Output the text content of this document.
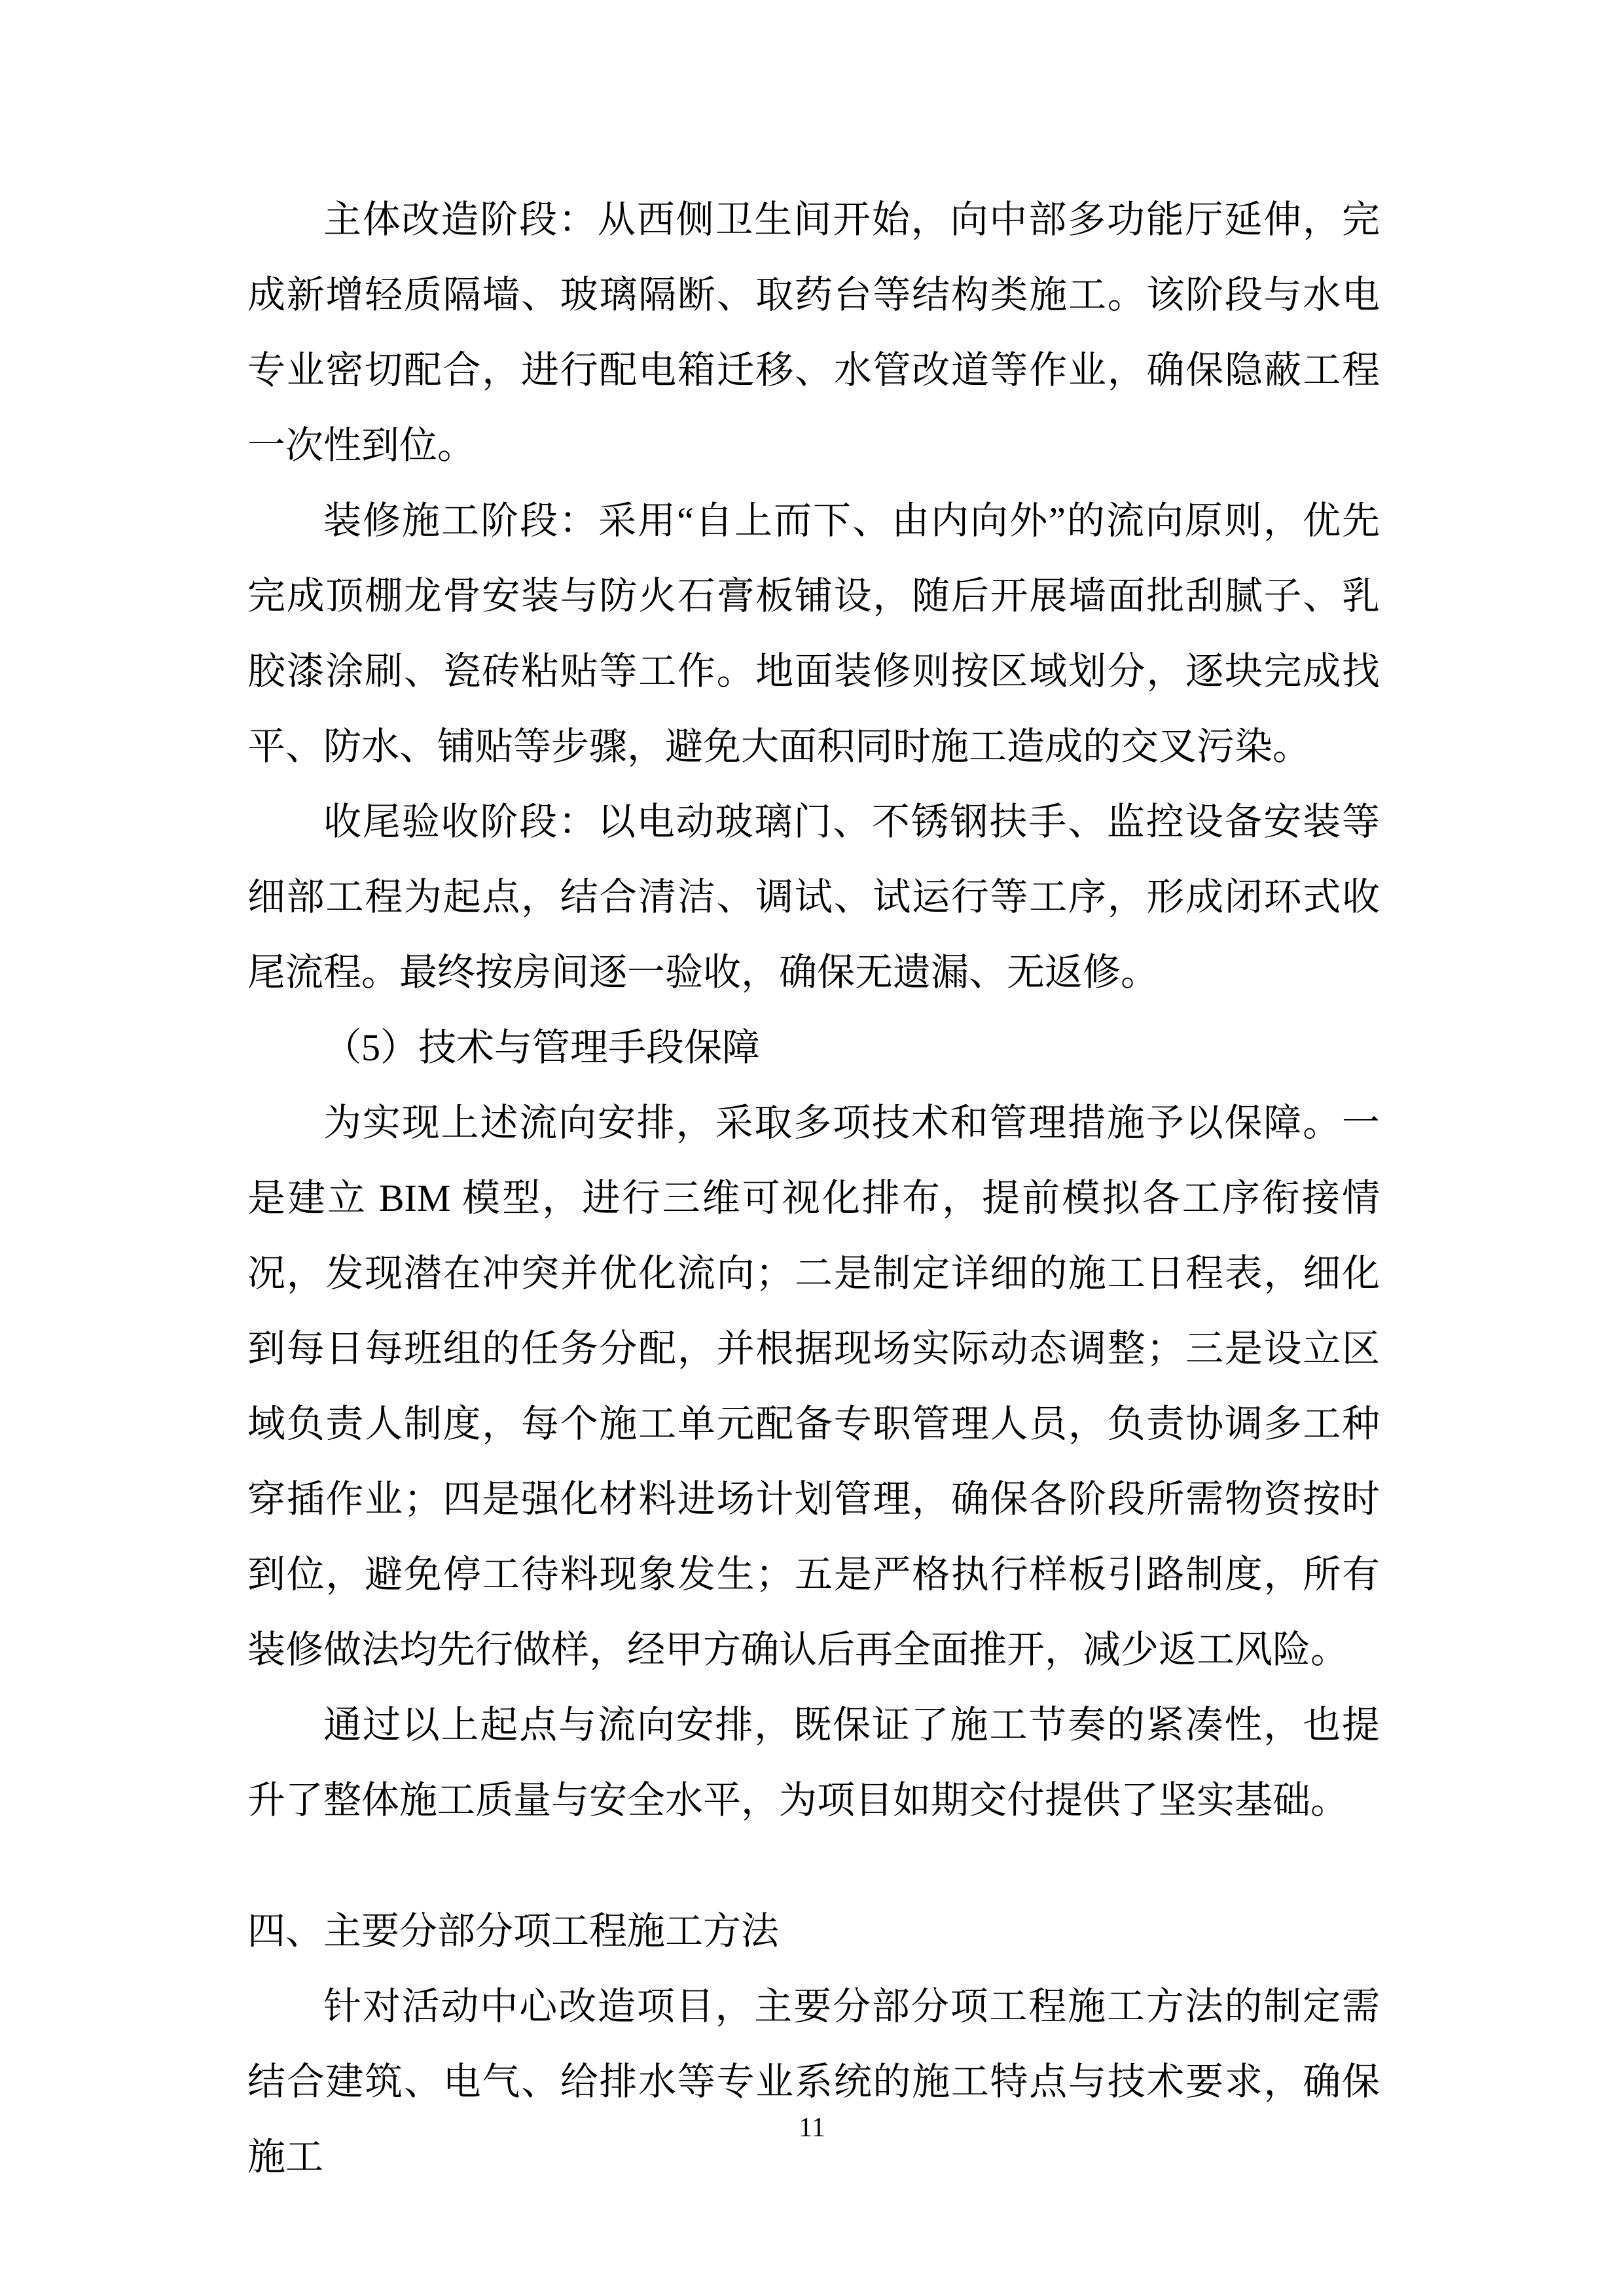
主体改造阶段：从西侧卫生间开始，向中部多功能厅延伸，完成新增轻质隔墙、玻璃隔断、取药台等结构类施工。该阶段与水电专业密切配合，进行配电箱迁移、水管改道等作业，确保隐蔽工程一次性到位。

装修施工阶段：采用“自上而下、由内向外”的流向原则，优先完成顶棚龙骨安装与防火石膏板铺设，随后开展墙面批刮腻子、乳胶漆涂刷、瓷砖粘贴等工作。地面装修则按区域划分，逐块完成找平、防水、铺贴等步骤，避免大面积同时施工造成的交叉污染。

收尾验收阶段：以电动玻璃门、不锈钢扶手、监控设备安装等细部工程为起点，结合清洁、调试、试运行等工序，形成闭环式收尾流程。最终按房间逐一验收，确保无遗漏、无返修。

（5）技术与管理手段保障

为实现上述流向安排，采取多项技术和管理措施予以保障。一是建立 BIM 模型，进行三维可视化排布，提前模拟各工序衔接情况，发现潜在冲突并优化流向；二是制定详细的施工日程表，细化到每日每班组的任务分配，并根据现场实际动态调整；三是设立区域负责人制度，每个施工单元配备专职管理人员，负责协调多工种穿插作业；四是强化材料进场计划管理，确保各阶段所需物资按时到位，避免停工待料现象发生；五是严格执行样板引路制度，所有装修做法均先行做样，经甲方确认后再全面推开，减少返工风险。

通过以上起点与流向安排，既保证了施工节奏的紧凑性，也提升了整体施工质量与安全水平，为项目如期交付提供了坚实基础。

四、主要分部分项工程施工方法

针对活动中心改造项目，主要分部分项工程施工方法的制定需结合建筑、电气、给排水等专业系统的施工特点与技术要求，确保施工

11
